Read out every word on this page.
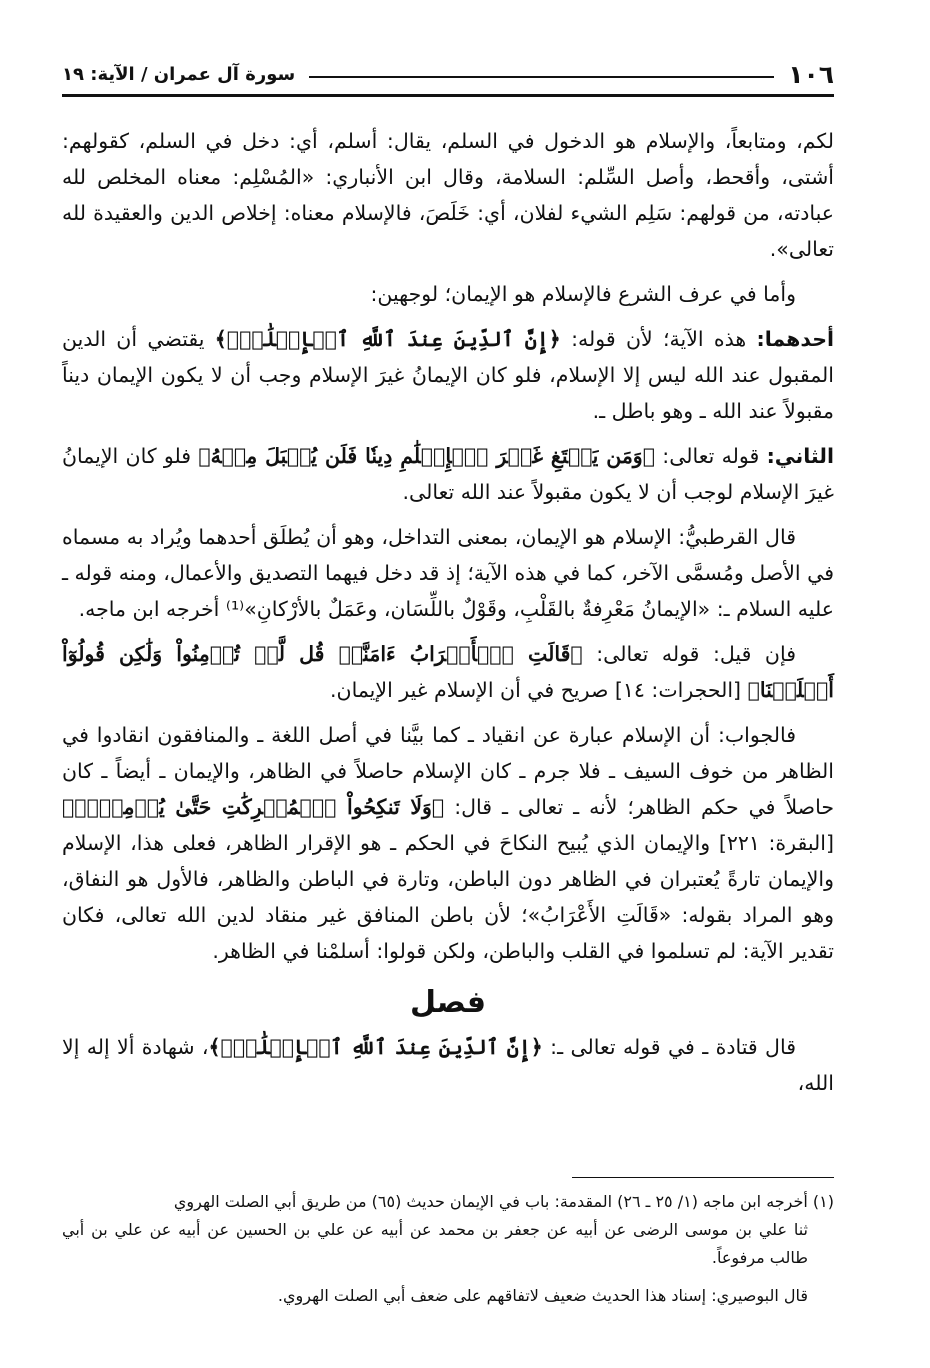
١٠٦
سورة آل عمران / الآية: ١٩

لكم، ومتابعاً، والإسلام هو الدخول في السلم، يقال: أسلم، أي: دخل في السلم، كقولهم: أشتى، وأقحط، وأصل السِّلم: السلامة، وقال ابن الأنباري: «المُسْلِم: معناه المخلص لله عبادته، من قولهم: سَلِم الشيء لفلان، أي: خَلَصَ، فالإسلام معناه: إخلاص الدين والعقيدة لله تعالى».

وأما في عرف الشرع فالإسلام هو الإيمان؛ لوجهين:

أحدهما: هذه الآية؛ لأن قوله: ﴿إِنَّ ٱلدِّينَ عِندَ ٱللَّهِ ٱلۡإِسۡلَٰمُۗ﴾ يقتضي أن الدين المقبول عند الله ليس إلا الإسلام، فلو كان الإيمانُ غيرَ الإسلام وجب أن لا يكون الإيمان ديناً مقبولاً عند الله ـ وهو باطل ـ.

الثاني: قوله تعالى: ﴿وَمَن يَبۡتَغِ غَيۡرَ ٱلۡإِسۡلَٰمِ دِينٗا فَلَن يُقۡبَلَ مِنۡهُ﴾ فلو كان الإيمانُ غيرَ الإسلام لوجب أن لا يكون مقبولاً عند الله تعالى.

قال القرطبيُّ: الإسلام هو الإيمان، بمعنى التداخل، وهو أن يُطلَق أحدهما ويُراد به مسماه في الأصل ومُسمَّى الآخر، كما في هذه الآية؛ إذ قد دخل فيهما التصديق والأعمال، ومنه قوله ـ عليه السلام ـ: «الإيمانُ مَعْرِفةٌ بالقَلْبِ، وقَوْلٌ باللِّسَان، وعَمَلٌ بالأرْكانِ»⁽¹⁾ أخرجه ابن ماجه.

فإن قيل: قوله تعالى: ﴿قَالَتِ ٱلۡأَعۡرَابُ ءَامَنَّاۖ قُل لَّمۡ تُؤۡمِنُواْ وَلَٰكِن قُولُوٓاْ أَسۡلَمۡنَا﴾ [الحجرات: ١٤] صريح في أن الإسلام غير الإيمان.

فالجواب: أن الإسلام عبارة عن انقياد ـ كما بيَّنا في أصل اللغة ـ والمنافقون انقادوا في الظاهر من خوف السيف ـ فلا جرم ـ كان الإسلام حاصلاً في الظاهر، والإيمان ـ أيضاً ـ كان حاصلاً في حكم الظاهر؛ لأنه ـ تعالى ـ قال: ﴿وَلَا تَنكِحُواْ ٱلۡمُشۡرِكَٰتِ حَتَّىٰ يُؤۡمِنَّۚ﴾ [البقرة: ٢٢١] والإيمان الذي يُبيح النكاحَ في الحكم ـ هو الإقرار الظاهر، فعلى هذا، الإسلام والإيمان تارةً يُعتبران في الظاهر دون الباطن، وتارة في الباطن والظاهر، فالأول هو النفاق، وهو المراد بقوله: «قَالَتِ الأَعْرَابُ»؛ لأن باطن المنافق غير منقاد لدين الله تعالى، فكان تقدير الآية: لم تسلموا في القلب والباطن، ولكن قولوا: أسلمْنا في الظاهر.

فصل

قال قتادة ـ في قوله تعالى ـ: ﴿إِنَّ ٱلدِّينَ عِندَ ٱللَّهِ ٱلۡإِسۡلَٰمُۗ﴾، شهادة ألا إله إلا الله،

(١) أخرجه ابن ماجه (١/ ٢٥ ـ ٢٦) المقدمة: باب في الإيمان حديث (٦٥) من طريق أبي الصلت الهروي

ثنا علي بن موسى الرضى عن أبيه عن جعفر بن محمد عن أبيه عن علي بن الحسين عن أبيه عن علي بن أبي طالب مرفوعاً.

قال البوصيري: إسناد هذا الحديث ضعيف لاتفاقهم على ضعف أبي الصلت الهروي.
